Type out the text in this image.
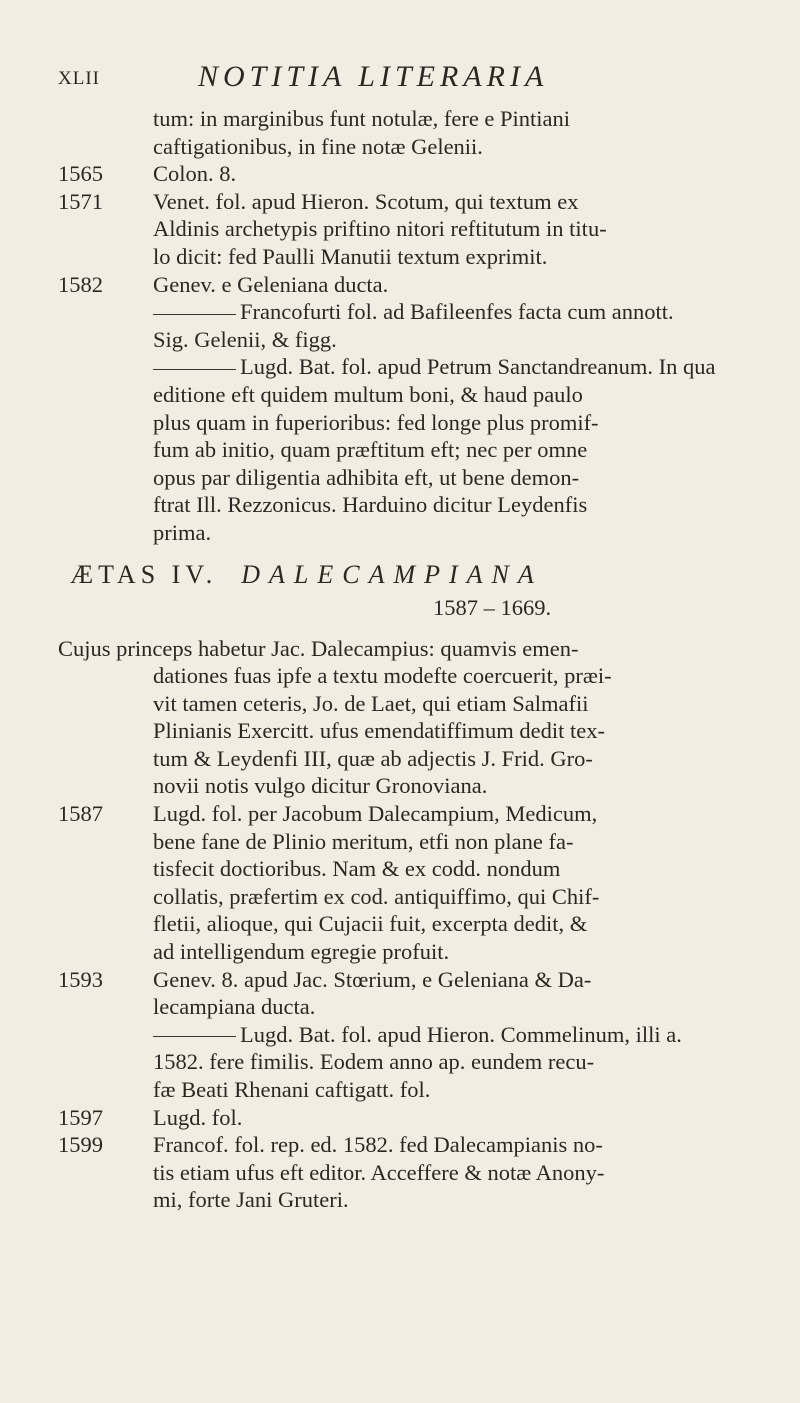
XLII	NOTITIA LITERARIA
tum: in marginibus funt notulæ, fere e Pintiani
caftigationibus, in fine notæ Gelenii.
1565	Colon. 8.
1571	Venet. fol. apud Hieron. Scotum, qui textum ex
Aldinis archetypis priftino nitori reftitutum in titu-
lo dicit: fed Paulli Manutii textum exprimit.
1582	Genev. e Geleniana ducta.
Francofurti fol. ad Bafileenfes facta cum annott.
Sig. Gelenii, & figg.
Lugd. Bat. fol. apud Petrum Sanctandreanum. In qua
editione eft quidem multum boni, & haud paulo
plus quam in fuperioribus: fed longe plus promif-
fum ab initio, quam præftitum eft; nec per omne
opus par diligentia adhibita eft, ut bene demon-
ftrat Ill. Rezzonicus. Harduino dicitur Leydenfis
prima.
ÆTAS IV. DALECAMPIANA
1587 – 1669.
Cujus princeps habetur Jac. Dalecampius: quamvis emen-
dationes fuas ipfe a textu modefte coercuerit, præi-
vit tamen ceteris, Jo. de Laet, qui etiam Salmafii
Plinianis Exercitt. ufus emendatiffimum dedit tex-
tum & Leydenfi III, quæ ab adjectis J. Frid. Gro-
novii notis vulgo dicitur Gronoviana.
1587	Lugd. fol. per Jacobum Dalecampium, Medicum,
bene fane de Plinio meritum, etfi non plane fa-
tisfecit doctioribus. Nam & ex codd. nondum
collatis, præfertim ex cod. antiquiffimo, qui Chif-
fletii, alioque, qui Cujacii fuit, excerpta dedit, &
ad intelligendum egregie profuit.
1593	Genev. 8. apud Jac. Stœrium, e Geleniana & Da-
lecampiana ducta.
Lugd. Bat. fol. apud Hieron. Commelinum, illi a.
1582. fere fimilis. Eodem anno ap. eundem recu-
fæ Beati Rhenani caftigatt. fol.
1597	Lugd. fol.
1599	Francof. fol. rep. ed. 1582. fed Dalecampianis no-
tis etiam ufus eft editor. Acceffere & notæ Anony-
mi, forte Jani Gruteri.
